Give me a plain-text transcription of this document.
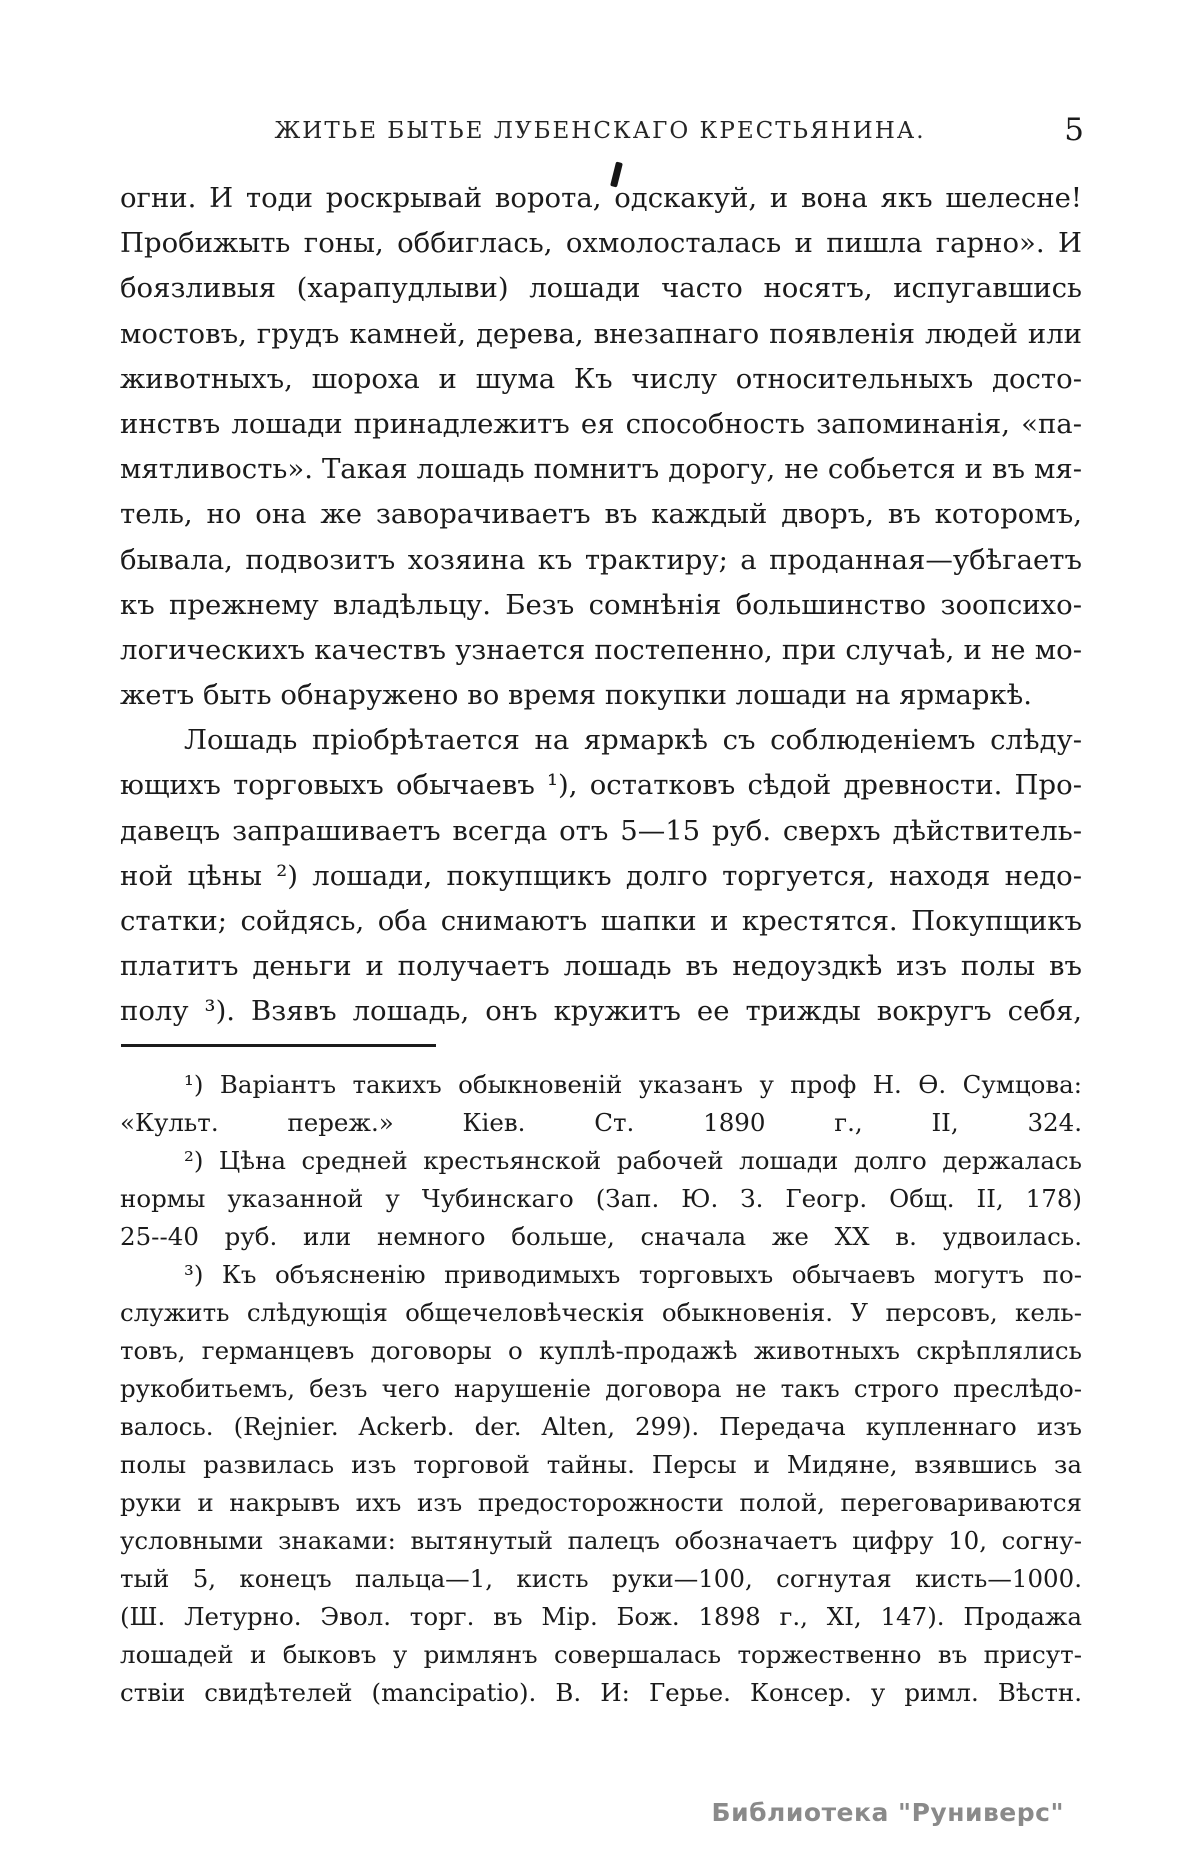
ЖИТЬЕ БЫТЬЕ ЛУБЕНСКАГО КРЕСТЬЯНИНА.	5
огни. И тоди роскрывай ворота, одскакуй, и вона якъ шелесне!
Пробижыть гоны, оббиглась, охмолосталась и пишла гарно». И
боязливыя (харапудлыви) лошади часто носятъ, испугавшись
мостовъ, грудъ камней, дерева, внезапнаго появленія людей или
животныхъ, шороха и шума Къ числу относительныхъ досто-
инствъ лошади принадлежитъ ея способность запоминанія, «па-
мятливость». Такая лошадь помнитъ дорогу, не собьется и въ мя-
тель, но она же заворачиваетъ въ каждый дворъ, въ которомъ,
бывала, подвозитъ хозяина къ трактиру; а проданная—убѣгаетъ
къ прежнему владѣльцу. Безъ сомнѣнія большинство зоопсихо-
логическихъ качествъ узнается постепенно, при случаѣ, и не мо-
жетъ быть обнаружено во время покупки лошади на ярмаркѣ.
Лошадь пріобрѣтается на ярмаркѣ съ соблюденіемъ слѣду-
ющихъ торговыхъ обычаевъ ¹), остатковъ сѣдой древности. Про-
давецъ запрашиваетъ всегда отъ 5—15 руб. сверхъ дѣйствитель-
ной цѣны ²) лошади, покупщикъ долго торгуется, находя недо-
статки; сойдясь, оба снимаютъ шапки и крестятся. Покупщикъ
платитъ деньги и получаетъ лошадь въ недоуздкѣ изъ полы въ
полу ³). Взявъ лошадь, онъ кружитъ ее трижды вокругъ себя,
¹) Варіантъ такихъ обыкновеній указанъ у проф Н. Ѳ. Сумцова:
«Культ. переж.» Кіев. Ст. 1890 г., II, 324.
²) Цѣна средней крестьянской рабочей лошади долго держалась
нормы указанной у Чубинскаго (Зап. Ю. З. Геогр. Общ. II, 178)
25--40 руб. или немного больше, сначала же XX в. удвоилась.
³) Къ объясненію приводимыхъ торговыхъ обычаевъ могутъ по-
служить слѣдующія общечеловѣческія обыкновенія. У персовъ, кель-
товъ, германцевъ договоры о куплѣ-продажѣ животныхъ скрѣплялись
рукобитьемъ, безъ чего нарушеніе договора не такъ строго преслѣдо-
валось. (Rejnier. Ackerb. der. Alten, 299). Передача купленнаго изъ
полы развилась изъ торговой тайны. Персы и Мидяне, взявшись за
руки и накрывъ ихъ изъ предосторожности полой, переговариваются
условными знаками: вытянутый палецъ обозначаетъ цифру 10, согну-
тый 5, конецъ пальца—1, кисть руки—100, согнутая кисть—1000.
(Ш. Летурно. Эвол. торг. въ Мір. Бож. 1898 г., XI, 147). Продажа
лошадей и быковъ у римлянъ совершалась торжественно въ присут-
ствіи свидѣтелей (mancipatio). В. И: Герье. Консер. у римл. Вѣстн.
Библиотека "Руниверс"
